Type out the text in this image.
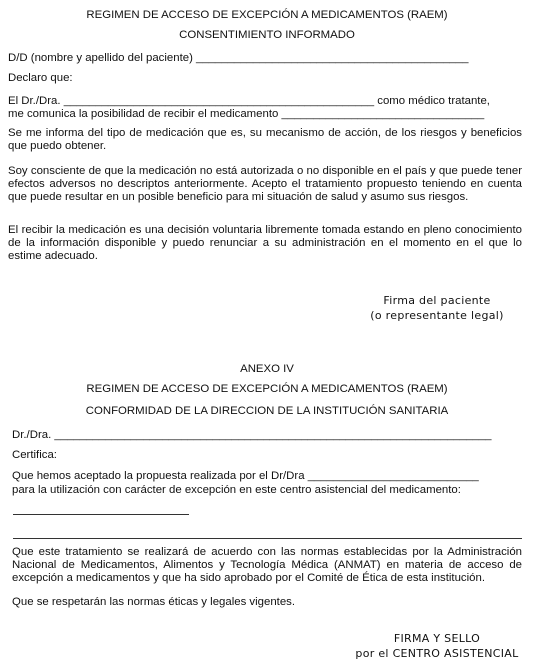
REGIMEN DE ACCESO DE EXCEPCIÓN A MEDICAMENTOS (RAEM)
CONSENTIMIENTO INFORMADO
D/D (nombre y apellido del paciente) ___________________________________________
Declaro que:
El Dr./Dra. _________________________________________________ como médico tratante,
me comunica la posibilidad de recibir el medicamento ________________________________
Se me informa del tipo de medicación que es, su mecanismo de acción, de los riesgos y beneficios que puedo obtener.
Soy consciente de que la medicación no está autorizada o no disponible en el país y que puede tener efectos adversos no descriptos anteriormente. Acepto el tratamiento propuesto teniendo en cuenta que puede resultar en un posible beneficio para mi situación de salud y asumo sus riesgos.
El recibir la medicación es una decisión voluntaria libremente tomada estando en pleno conocimiento de la información disponible y puedo renunciar a su administración en el momento en el que lo estime adecuado.
Firma del paciente
(o representante legal)
ANEXO IV
REGIMEN DE ACCESO DE EXCEPCIÓN A MEDICAMENTOS (RAEM)
CONFORMIDAD DE LA DIRECCION DE LA INSTITUCIÓN SANITARIA
Dr./Dra. _____________________________________________________________________
Certifica:
Que hemos aceptado la propuesta realizada por el Dr/Dra ___________________________
para la utilización con carácter de excepción en este centro asistencial del medicamento:
Que este tratamiento se realizará de acuerdo con las normas establecidas por la Administración Nacional de Medicamentos, Alimentos y Tecnología Médica (ANMAT) en materia de acceso de excepción a medicamentos y que ha sido aprobado por el Comité de Ética de esta institución.
Que se respetarán las normas éticas y legales vigentes.
FIRMA Y SELLO
por el CENTRO ASISTENCIAL
